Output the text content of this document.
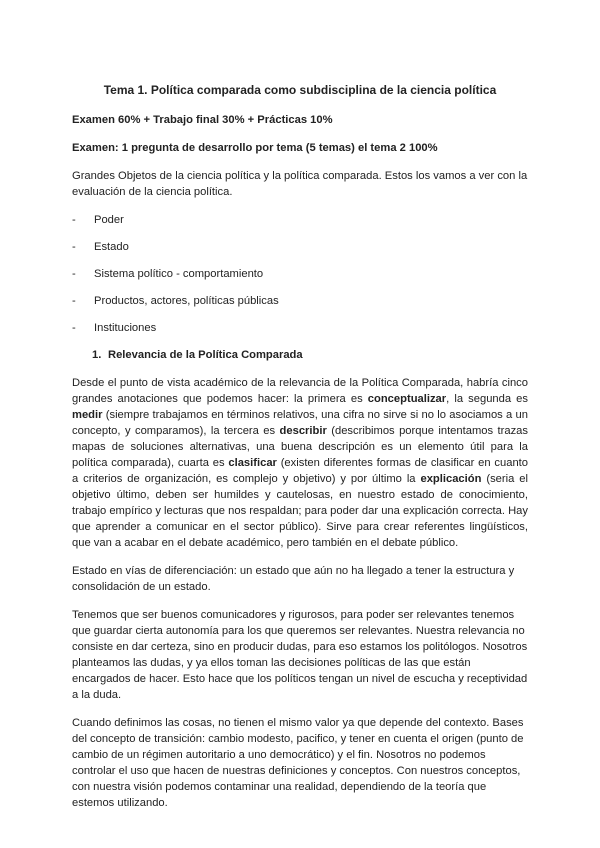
Tema 1. Política comparada como subdisciplina de la ciencia política
Examen 60% + Trabajo final 30% + Prácticas 10%
Examen: 1 pregunta de desarrollo por tema (5 temas) el tema 2 100%

Grandes Objetos de la ciencia política y la política comparada. Estos los vamos a ver con la evaluación de la ciencia política.

-	Poder
-	Estado
-	Sistema político - comportamiento
-	Productos, actores, políticas públicas
-	Instituciones
1. Relevancia de la Política Comparada

Desde el punto de vista académico de la relevancia de la Política Comparada, habría cinco grandes anotaciones que podemos hacer: la primera es conceptualizar, la segunda es medir (siempre trabajamos en términos relativos, una cifra no sirve si no lo asociamos a un concepto, y comparamos), la tercera es describir (describimos porque intentamos trazas mapas de soluciones alternativas, una buena descripción es un elemento útil para la política comparada), cuarta es clasificar (existen diferentes formas de clasificar en cuanto a criterios de organización, es complejo y objetivo) y por último la explicación (seria el objetivo último, deben ser humildes y cautelosas, en nuestro estado de conocimiento, trabajo empírico y lecturas que nos respaldan; para poder dar una explicación correcta. Hay que aprender a comunicar en el sector público). Sirve para crear referentes lingüísticos, que van a acabar en el debate académico, pero también en el debate público.

Estado en vías de diferenciación: un estado que aún no ha llegado a tener la estructura y consolidación de un estado.

Tenemos que ser buenos comunicadores y rigurosos, para poder ser relevantes tenemos que guardar cierta autonomía para los que queremos ser relevantes. Nuestra relevancia no consiste en dar certeza, sino en producir dudas, para eso estamos los politólogos. Nosotros planteamos las dudas, y ya ellos toman las decisiones políticas de las que están encargados de hacer. Esto hace que los políticos tengan un nivel de escucha y receptividad a la duda.

Cuando definimos las cosas, no tienen el mismo valor ya que depende del contexto. Bases del concepto de transición: cambio modesto, pacifico, y tener en cuenta el origen (punto de cambio de un régimen autoritario a uno democrático) y el fin. Nosotros no podemos controlar el uso que hacen de nuestras definiciones y conceptos. Con nuestros conceptos, con nuestra visión podemos contaminar una realidad, dependiendo de la teoría que estemos utilizando.
